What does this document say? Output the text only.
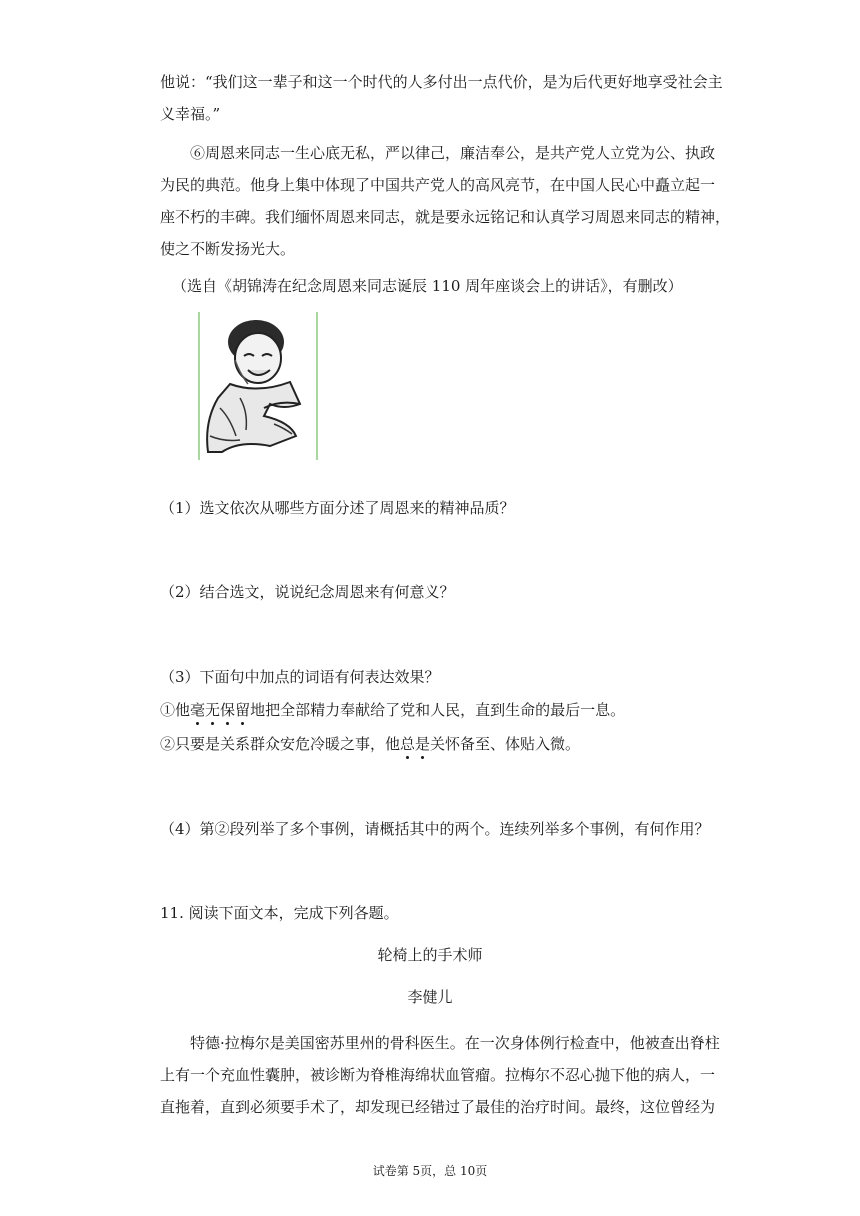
他说：“我们这一辈子和这一个时代的人多付出一点代价，是为后代更好地享受社会主
义幸福。”
⑥周恩来同志一生心底无私，严以律己，廉洁奉公，是共产党人立党为公、执政
为民的典范。他身上集中体现了中国共产党人的高风亮节，在中国人民心中矗立起一
座不朽的丰碑。我们缅怀周恩来同志，就是要永远铭记和认真学习周恩来同志的精神，
使之不断发扬光大。
（选自《胡锦涛在纪念周恩来同志诞辰 110 周年座谈会上的讲话》，有删改）
（1）选文依次从哪些方面分述了周恩来的精神品质？
（2）结合选文，说说纪念周恩来有何意义？
（3）下面句中加点的词语有何表达效果？
①他毫无保留地把全部精力奉献给了党和人民，直到生命的最后一息。
②只要是关系群众安危冷暖之事，他总是关怀备至、体贴入微。
（4）第②段列举了多个事例，请概括其中的两个。连续列举多个事例，有何作用？
11. 阅读下面文本，完成下列各题。
轮椅上的手术师
李健儿
特德·拉梅尔是美国密苏里州的骨科医生。在一次身体例行检查中，他被查出脊柱
上有一个充血性囊肿，被诊断为脊椎海绵状血管瘤。拉梅尔不忍心抛下他的病人，一
直拖着，直到必须要手术了，却发现已经错过了最佳的治疗时间。最终，这位曾经为
试卷第 5页，总 10页
